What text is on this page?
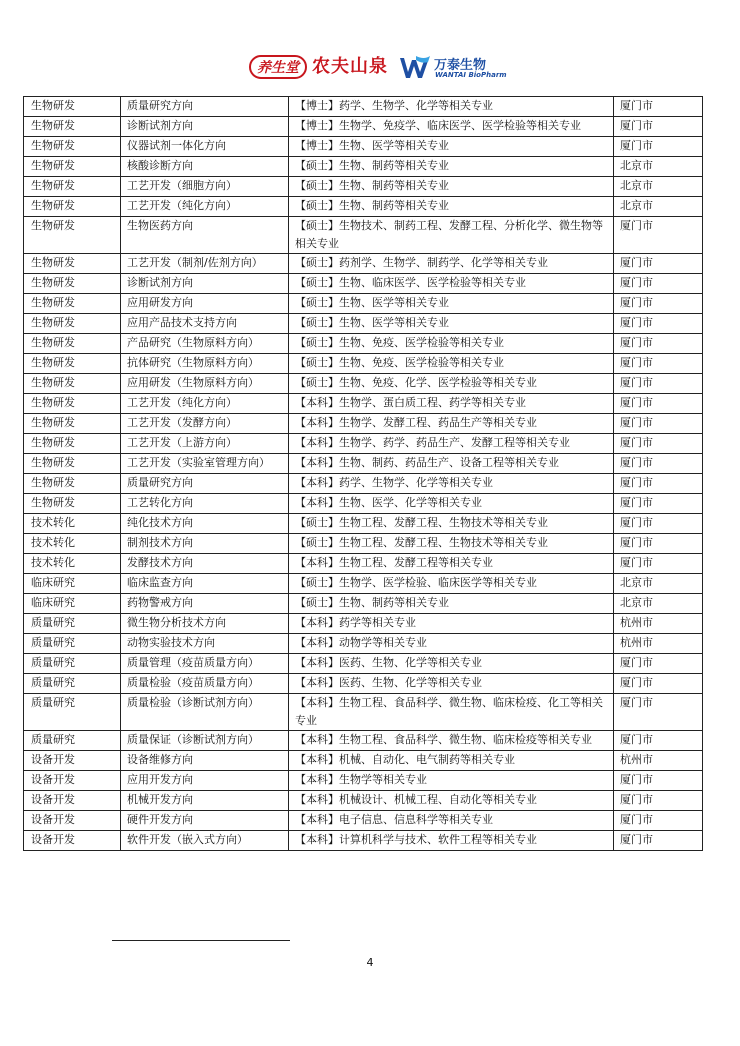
养生堂 农夫山泉	万泰生物
WANTAI BioPharm
生物研发	质量研究方向	【博士】药学、生物学、化学等相关专业	厦门市
生物研发	诊断试剂方向	【博士】生物学、免疫学、临床医学、医学检验等相关专业	厦门市
生物研发	仪器试剂一体化方向	【博士】生物、医学等相关专业	厦门市
生物研发	核酸诊断方向	【硕士】生物、制药等相关专业	北京市
生物研发	工艺开发（细胞方向）	【硕士】生物、制药等相关专业	北京市
生物研发	工艺开发（纯化方向）	【硕士】生物、制药等相关专业	北京市
生物研发	生物医药方向	【硕士】生物技术、制药工程、发酵工程、分析化学、微生物等相关专业	厦门市
生物研发	工艺开发（制剂/佐剂方向）	【硕士】药剂学、生物学、制药学、化学等相关专业	厦门市
生物研发	诊断试剂方向	【硕士】生物、临床医学、医学检验等相关专业	厦门市
生物研发	应用研发方向	【硕士】生物、医学等相关专业	厦门市
生物研发	应用产品技术支持方向	【硕士】生物、医学等相关专业	厦门市
生物研发	产品研究（生物原料方向）	【硕士】生物、免疫、医学检验等相关专业	厦门市
生物研发	抗体研究（生物原料方向）	【硕士】生物、免疫、医学检验等相关专业	厦门市
生物研发	应用研发（生物原料方向）	【硕士】生物、免疫、化学、医学检验等相关专业	厦门市
生物研发	工艺开发（纯化方向）	【本科】生物学、蛋白质工程、药学等相关专业	厦门市
生物研发	工艺开发（发酵方向）	【本科】生物学、发酵工程、药品生产等相关专业	厦门市
生物研发	工艺开发（上游方向）	【本科】生物学、药学、药品生产、发酵工程等相关专业	厦门市
生物研发	工艺开发（实验室管理方向）	【本科】生物、制药、药品生产、设备工程等相关专业	厦门市
生物研发	质量研究方向	【本科】药学、生物学、化学等相关专业	厦门市
生物研发	工艺转化方向	【本科】生物、医学、化学等相关专业	厦门市
技术转化	纯化技术方向	【硕士】生物工程、发酵工程、生物技术等相关专业	厦门市
技术转化	制剂技术方向	【硕士】生物工程、发酵工程、生物技术等相关专业	厦门市
技术转化	发酵技术方向	【本科】生物工程、发酵工程等相关专业	厦门市
临床研究	临床监查方向	【硕士】生物学、医学检验、临床医学等相关专业	北京市
临床研究	药物警戒方向	【硕士】生物、制药等相关专业	北京市
质量研究	微生物分析技术方向	【本科】药学等相关专业	杭州市
质量研究	动物实验技术方向	【本科】动物学等相关专业	杭州市
质量研究	质量管理（疫苗质量方向）	【本科】医药、生物、化学等相关专业	厦门市
质量研究	质量检验（疫苗质量方向）	【本科】医药、生物、化学等相关专业	厦门市
质量研究	质量检验（诊断试剂方向）	【本科】生物工程、食品科学、微生物、临床检疫、化工等相关专业	厦门市
质量研究	质量保证（诊断试剂方向）	【本科】生物工程、食品科学、微生物、临床检疫等相关专业	厦门市
设备开发	设备维修方向	【本科】机械、自动化、电气制药等相关专业	杭州市
设备开发	应用开发方向	【本科】生物学等相关专业	厦门市
设备开发	机械开发方向	【本科】机械设计、机械工程、自动化等相关专业	厦门市
设备开发	硬件开发方向	【本科】电子信息、信息科学等相关专业	厦门市
设备开发	软件开发（嵌入式方向）	【本科】计算机科学与技术、软件工程等相关专业	厦门市
4
